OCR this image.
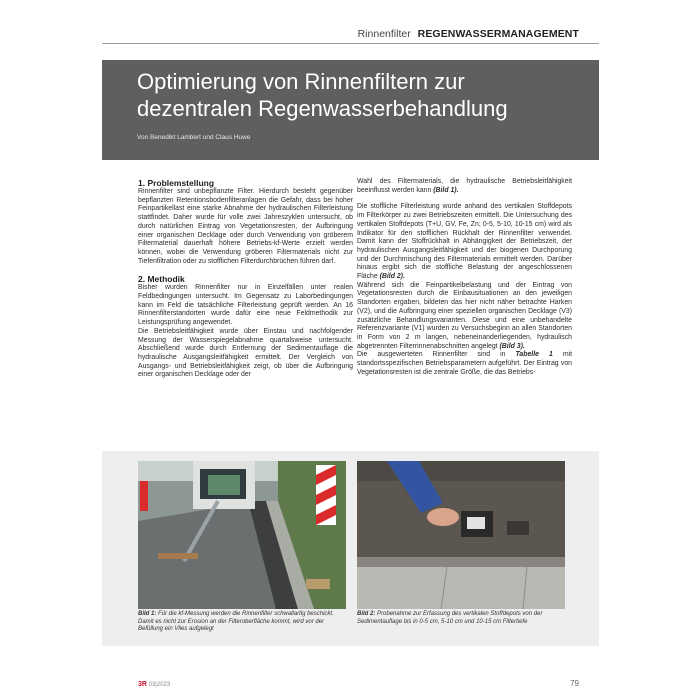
Rinnenfilter REGENWASSERMANAGEMENT
Optimierung von Rinnenfiltern zur
dezentralen Regenwasserbehandlung
Von Benedikt Lambert und Claus Huwe
1. Problemstellung

Rinnenfilter sind unbepflanzte Filter. Hierdurch besteht gegenüber bepflanzten Retentionsbodenfilteranlagen die Gefahr, dass bei hoher Feinpartikellast eine starke Abnahme der hydraulischen Filterleistung stattfindet. Daher wurde für volle zwei Jahreszyklen untersucht, ob durch natürlichen Eintrag von Vegetationsresten, der Aufbringung einer organischen Decklage oder durch Verwendung von gröberem Filtermaterial dauerhaft höhere Betriebs-kf-Werte erzielt werden können, wobei die Verwendung gröberen Filtermaterials nicht zur Tiefenfiltration oder zu stofflichen Filterdurchbrüchen führen darf.

2. Methodik

Bisher wurden Rinnenfilter nur in Einzelfällen unter realen Feldbedingungen untersucht. Im Gegensatz zu Laborbedingungen kann im Feld die tatsächliche Filterleistung geprüft werden. An 16 Rinnenfilterstandorten wurde dafür eine neue Feldmethodik zur Leistungsprüfung angewendet.

Die Betriebsleitfähigkeit wurde über Einstau und nachfolgender Messung der Wasserspiegelabnahme quartalsweise untersucht. Abschließend wurde durch Entfernung der Sedimentauflage die hydraulische Ausgangsleitfähigkeit ermittelt. Der Vergleich von Ausgangs- und Betriebsleitfähigkeit zeigt, ob über die Aufbringung einer organischen Decklage oder der

Wahl des Filtermaterials, die hydraulische Betriebsleitfähigkeit beeinflusst werden kann (Bild 1).

Die stoffliche Filterleistung wurde anhand des vertikalen Stoffdepots im Filterkörper zu zwei Betriebszeiten ermittelt. Die Untersuchung des vertikalen Stoffdepots (T+U, GV, Fe, Zn; 0-5, 5-10, 10-15 cm) wird als Indikator für den stofflichen Rückhalt der Rinnenfilter verwendet. Damit kann der Stoffrückhalt in Abhängigkeit der Betriebszeit, der hydraulischen Ausgangsleitfähigkeit und der biogenen Durchporung und der Durchmischung des Filtermaterials ermittelt werden. Darüber hinaus ergibt sich die stoffliche Belastung der angeschlossenen Fläche (Bild 2).

Während sich die Feinpartikelbelastung und der Eintrag von Vegetationsresten durch die Einbausituationen an den jeweiligen Standorten ergaben, bildeten das hier nicht näher betrachte Harken (V2), und die Aufbringung einer speziellen organischen Decklage (V3) zusätzliche Behandlungsvarianten. Diese und eine unbehandelte Referenzvariante (V1) wurden zu Versuchsbeginn an allen Standorten in Form von 2 m langen, nebeneinanderliegenden, hydraulisch abgetrennten Filterrinnenabschnitten angelegt (Bild 3).

Die ausgewerteten Rinnenfilter sind in Tabelle 1 mit standortsspezifischen Betriebsparametern aufgeführt. Der Eintrag von Vegetationsresten ist die zentrale Größe, die das Betriebs-

Bild 1: Für die kf-Messung werden die Rinnenfilter schwallartig beschickt. Damit es nicht zur Erosion an der Filteroberfläche kommt, wird vor der Befüllung ein Vlies aufgelegt
Bild 2: Probenahme zur Erfassung des vertikalen Stoffdepots von der Sedimentauflage bis in 0-5 cm, 5-10 cm und 10-15 cm Filtertiefe
3R 03|2023	79
